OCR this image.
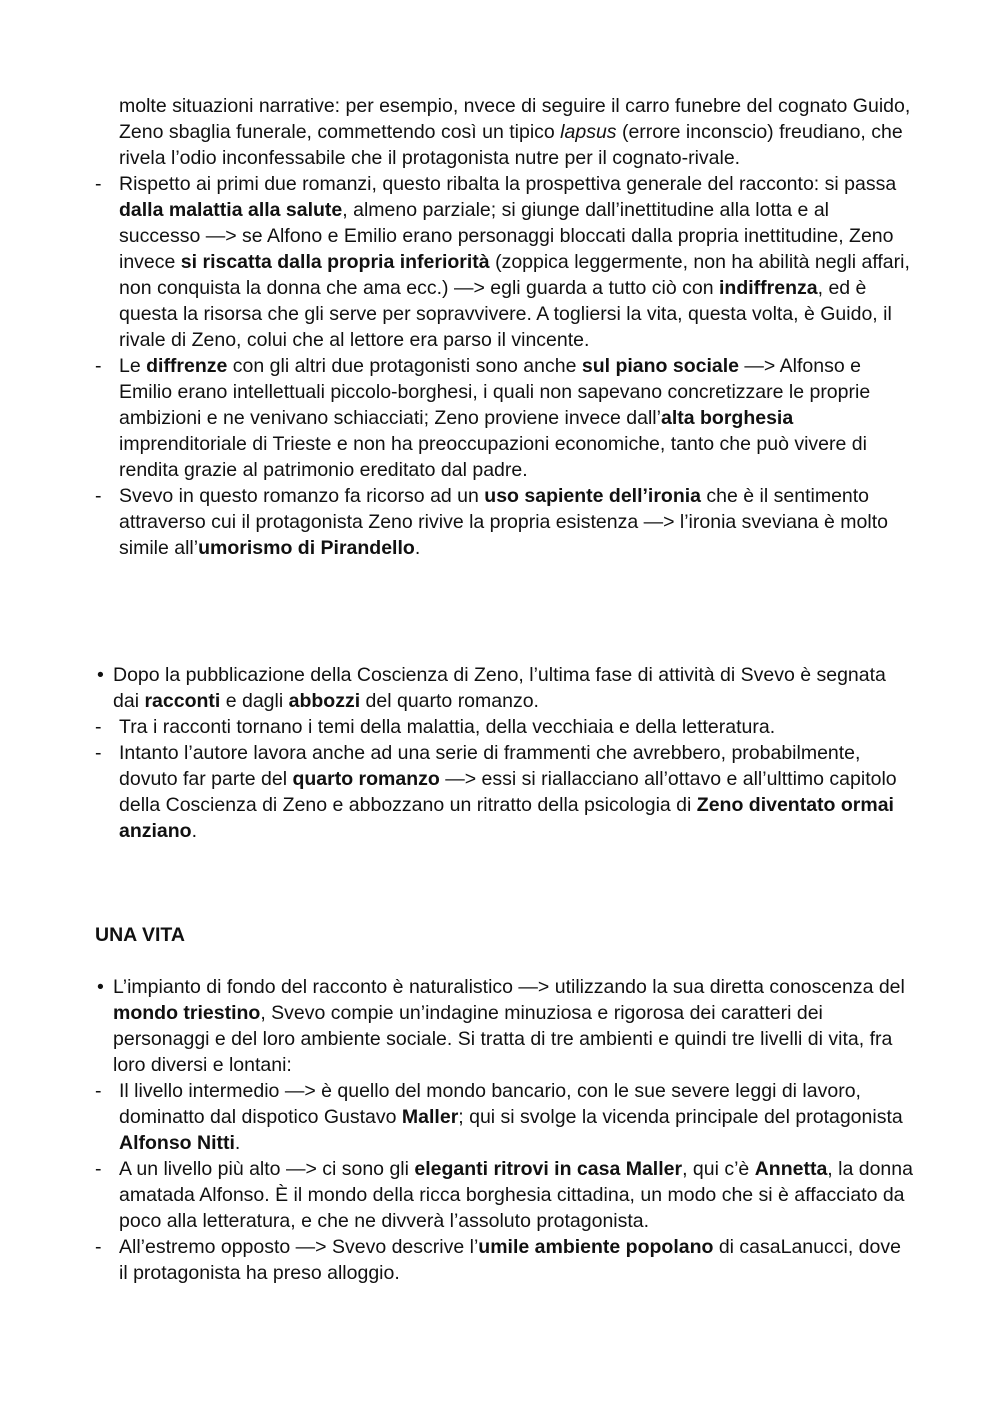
molte situazioni narrative: per esempio, nvece di seguire il carro funebre del cognato Guido, Zeno sbaglia funerale, commettendo così un tipico lapsus (errore inconscio) freudiano, che rivela l’odio inconfessabile che il protagonista nutre per il cognato-rivale.
- Rispetto ai primi due romanzi, questo ribalta la prospettiva generale del racconto: si passa dalla malattia alla salute, almeno parziale; si giunge dall’inettitudine alla lotta e al successo —> se Alfono e Emilio erano personaggi bloccati dalla propria inettitudine, Zeno invece si riscatta dalla propria inferiorità (zoppica leggermente, non ha abilità negli affari, non conquista la donna che ama ecc.) —> egli guarda a tutto ciò con indiffrenza, ed è questa la risorsa che gli serve per sopravvivere. A togliersi la vita, questa volta, è Guido, il rivale di Zeno, colui che al lettore era parso il vincente.
- Le diffrenze con gli altri due protagonisti sono anche sul piano sociale —> Alfonso e Emilio erano intellettuali piccolo-borghesi, i quali non sapevano concretizzare le proprie ambizioni e ne venivano schiacciati; Zeno proviene invece dall’alta borghesia imprenditoriale di Trieste e non ha preoccupazioni economiche, tanto che può vivere di rendita grazie al patrimonio ereditato dal padre.
- Svevo in questo romanzo fa ricorso ad un uso sapiente dell’ironia che è il sentimento attraverso cui il protagonista Zeno rivive la propria esistenza —> l’ironia sveviana è molto simile all’umorismo di Pirandello.
• Dopo la pubblicazione della Coscienza di Zeno, l’ultima fase di attività di Svevo è segnata dai racconti e dagli abbozzi del quarto romanzo.
- Tra i racconti tornano i temi della malattia, della vecchiaia e della letteratura.
- Intanto l’autore lavora anche ad una serie di frammenti che avrebbero, probabilmente, dovuto far parte del quarto romanzo —> essi si riallacciano all’ottavo e all’ulttimo capitolo della Coscienza di Zeno e abbozzano un ritratto della psicologia di Zeno diventato ormai anziano.
UNA VITA
• L’impianto di fondo del racconto è naturalistico —> utilizzando la sua diretta conoscenza del mondo triestino, Svevo compie un’indagine minuziosa e rigorosa dei caratteri dei personaggi e del loro ambiente sociale. Si tratta di tre ambienti e quindi tre livelli di vita, fra loro diversi e lontani:
- Il livello intermedio —> è quello del mondo bancario, con le sue severe leggi di lavoro, dominatto dal dispotico Gustavo Maller; qui si svolge la vicenda principale del protagonista Alfonso Nitti.
- A un livello più alto —> ci sono gli eleganti ritrovi in casa Maller, qui c’è Annetta, la donna amatada Alfonso. È il mondo della ricca borghesia cittadina, un modo che si è affacciato da poco alla letteratura, e che ne divverà l’assoluto protagonista.
- All’estremo opposto —> Svevo descrive l’umile ambiente popolano di casaLanucci, dove il protagonista ha preso alloggio.
